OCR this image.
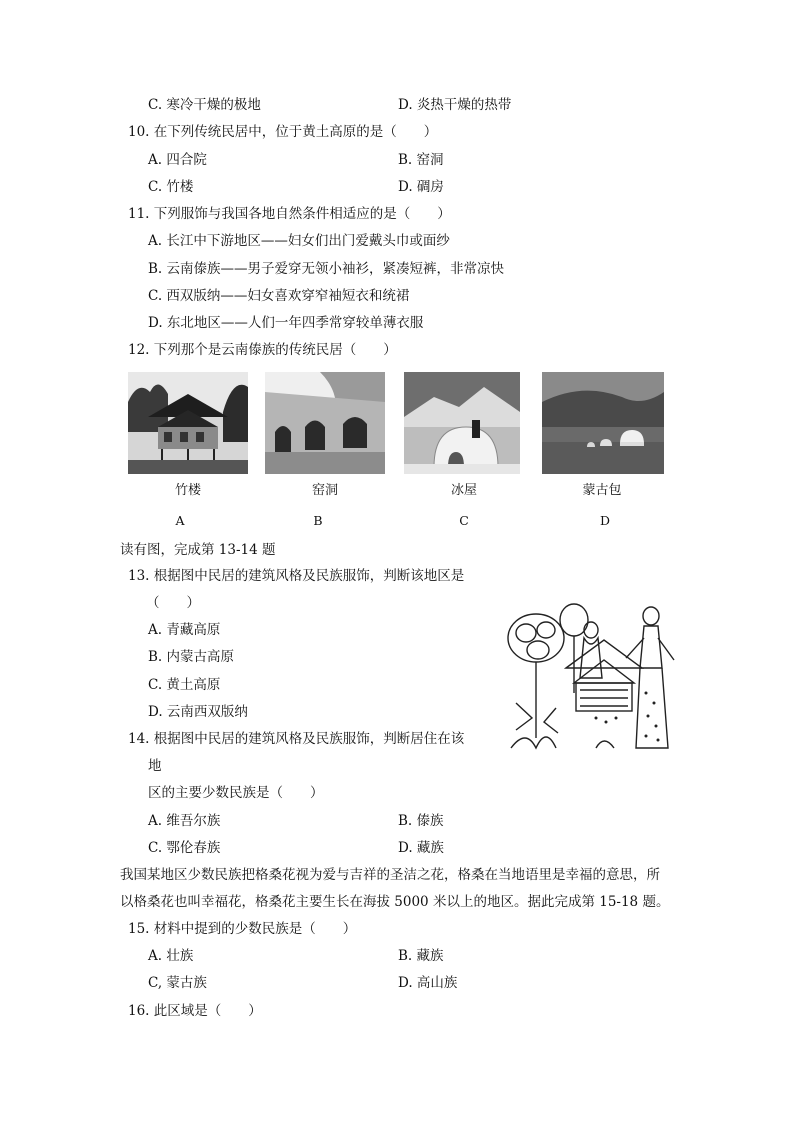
C. 寒冷干燥的极地	D. 炎热干燥的热带
10. 在下列传统民居中，位于黄土高原的是（　　）
A. 四合院	B. 窑洞
C. 竹楼	D. 碉房
11. 下列服饰与我国各地自然条件相适应的是（　　）
A. 长江中下游地区——妇女们出门爱戴头巾或面纱
B. 云南傣族——男子爱穿无领小袖衫，紧凑短裤，非常凉快
C. 西双版纳——妇女喜欢穿窄袖短衣和统裙
D. 东北地区——人们一年四季常穿较单薄衣服
12. 下列那个是云南傣族的传统民居（　　）
竹楼	窑洞	冰屋	蒙古包
A	B	C	D
读有图，完成第 13-14 题
13. 根据图中民居的建筑风格及民族服饰，判断该地区是
（　　）
A. 青藏高原
B. 内蒙古高原
C. 黄土高原
D. 云南西双版纳
14. 根据图中民居的建筑风格及民族服饰，判断居住在该
地
区的主要少数民族是（　　）
A. 维吾尔族	B. 傣族
C. 鄂伦春族	D. 藏族
我国某地区少数民族把格桑花视为爱与吉祥的圣洁之花，格桑在当地语里是幸福的意思，所
以格桑花也叫幸福花，格桑花主要生长在海拔 5000 米以上的地区。据此完成第 15-18 题。
15. 材料中提到的少数民族是（　　）
A. 壮族	B. 藏族
C, 蒙古族	D. 高山族
16. 此区域是（　　）
